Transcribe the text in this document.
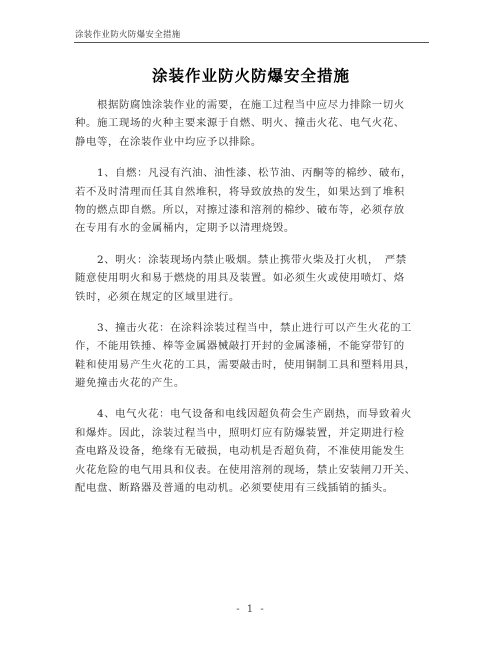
涂装作业防火防爆安全措施
涂装作业防火防爆安全措施
　　根据防腐蚀涂装作业的需要，在施工过程当中应尽力排除一切火
种。施工现场的火种主要来源于自燃、明火、撞击火花、电气火花、
静电等，在涂装作业中均应予以排除。
　　1、自燃：凡浸有汽油、油性漆、松节油、丙酮等的棉纱、破布，
若不及时清理而任其自然堆积，将导致放热的发生，如果达到了堆积
物的燃点即自燃。所以，对擦过漆和溶剂的棉纱、破布等，必须存放
在专用有水的金属桶内，定期予以清理烧毁。
　　2、明火：涂装现场内禁止吸烟。禁止携带火柴及打火机，　严禁
随意使用明火和易于燃烧的用具及装置。如必须生火或使用喷灯、烙
铁时，必须在规定的区域里进行。
　　3、撞击火花：在涂料涂装过程当中，禁止进行可以产生火花的工
作，不能用铁捶、棒等金属器械敲打开封的金属漆桶，不能穿带钉的
鞋和使用易产生火花的工具，需要敲击时，使用铜制工具和塑料用具，
避免撞击火花的产生。
　　4、电气火花：电气设备和电线因超负荷会生产剧热，而导致着火
和爆炸。因此，涂装过程当中，照明灯应有防爆装置，并定期进行检
查电路及设备，绝缘有无破损，电动机是否超负荷，不准使用能发生
火花危险的电气用具和仪表。在使用溶剂的现场，禁止安装闸刀开关、
配电盘、断路器及普通的电动机。必须要使用有三线插销的插头。
- 1 -
